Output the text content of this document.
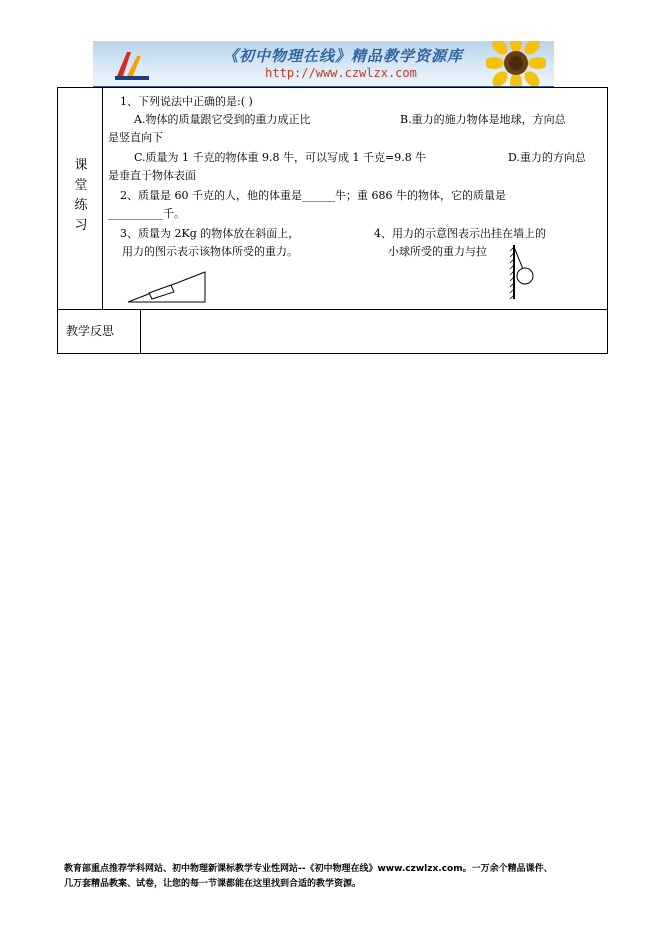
《初中物理在线》精品教学资源库
http://www.czwlzx.com
课堂练习
1、下列说法中正确的是:( )
A.物体的质量跟它受到的重力成正比	B.重力的施力物体是地球，方向总
是竖直向下
C.质量为 1 千克的物体重 9.8 牛，可以写成 1 千克=9.8 牛	D.重力的方向总
是垂直于物体表面
2、质量是 60 千克的人，他的体重是______牛；重 686 牛的物体，它的质量是
__________千。
3、质量为 2Kg 的物体放在斜面上，
用力的图示表示该物体所受的重力。
4、用力的示意图表示出挂在墙上的
小球所受的重力与拉
教学反思
教育部重点推荐学科网站、初中物理新课标教学专业性网站--《初中物理在线》www.czwlzx.com。一万余个精品课件、
几万套精品教案、试卷，让您的每一节课都能在这里找到合适的教学资源。
